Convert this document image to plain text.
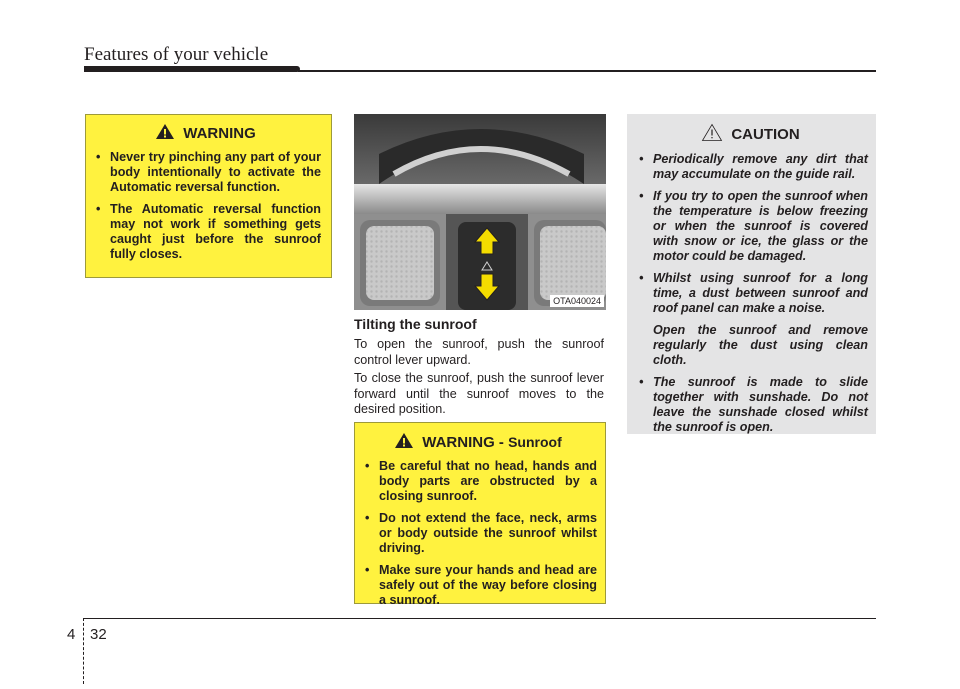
Features of your vehicle
WARNING
• Never try pinching any part of your body intentionally to activate the Automatic reversal function.
• The Automatic reversal function may not work if something gets caught just before the sunroof fully closes.
OTA040024
Tilting the sunroof

To open the sunroof, push the sunroof control lever upward.

To close the sunroof, push the sunroof lever forward until the sunroof moves to the desired position.

WARNING - Sunroof
• Be careful that no head, hands and body parts are obstructed by a closing sunroof.
• Do not extend the face, neck, arms or body outside the sunroof whilst driving.
• Make sure your hands and head are safely out of the way before closing a sunroof.
CAUTION
• Periodically remove any dirt that may accumulate on the guide rail.
• If you try to open the sunroof when the temperature is below freezing or when the sunroof is covered with snow or ice, the glass or the motor could be damaged.
• Whilst using sunroof for a long time, a dust between sunroof and roof panel can make a noise.
Open the sunroof and remove regularly the dust using clean cloth.
• The sunroof is made to slide together with sunshade. Do not leave the sunshade closed whilst the sunroof is open.
4 32
